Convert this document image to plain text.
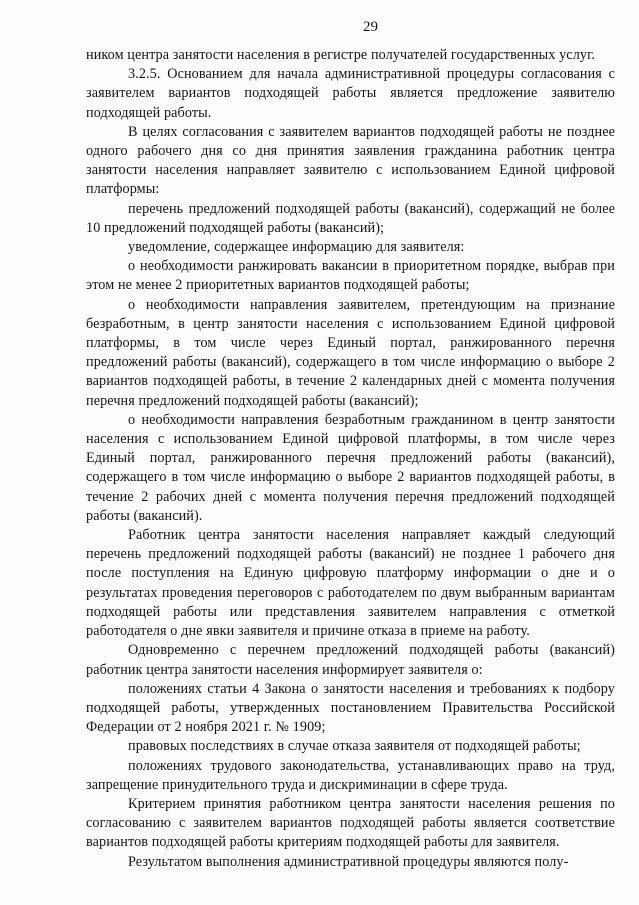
29

ником центра занятости населения в регистре получателей государственных услуг.

3.2.5. Основанием для начала административной процедуры согласования с заявителем вариантов подходящей работы является предложение заявителю подходящей работы.

В целях согласования с заявителем вариантов подходящей работы не позднее одного рабочего дня со дня принятия заявления гражданина работник центра занятости населения направляет заявителю с использованием Единой цифровой платформы:

перечень предложений подходящей работы (вакансий), содержащий не более 10 предложений подходящей работы (вакансий);

уведомление, содержащее информацию для заявителя:

о необходимости ранжировать вакансии в приоритетном порядке, выбрав при этом не менее 2 приоритетных вариантов подходящей работы;

о необходимости направления заявителем, претендующим на признание безработным, в центр занятости населения с использованием Единой цифровой платформы, в том числе через Единый портал, ранжированного перечня предложений работы (вакансий), содержащего в том числе информацию о выборе 2 вариантов подходящей работы, в течение 2 календарных дней с момента получения перечня предложений подходящей работы (вакансий);

о необходимости направления безработным гражданином в центр занятости населения с использованием Единой цифровой платформы, в том числе через Единый портал, ранжированного перечня предложений работы (вакансий), содержащего в том числе информацию о выборе 2 вариантов подходящей работы, в течение 2 рабочих дней с момента получения перечня предложений подходящей работы (вакансий).

Работник центра занятости населения направляет каждый следующий перечень предложений подходящей работы (вакансий) не позднее 1 рабочего дня после поступления на Единую цифровую платформу информации о дне и о результатах проведения переговоров с работодателем по двум выбранным вариантам подходящей работы или представления заявителем направления с отметкой работодателя о дне явки заявителя и причине отказа в приеме на работу.

Одновременно с перечнем предложений подходящей работы (вакансий) работник центра занятости населения информирует заявителя о:

положениях статьи 4 Закона о занятости населения и требованиях к подбору подходящей работы, утвержденных постановлением Правительства Российской Федерации от 2 ноября 2021 г. № 1909;

правовых последствиях в случае отказа заявителя от подходящей работы;

положениях трудового законодательства, устанавливающих право на труд, запрещение принудительного труда и дискриминации в сфере труда.

Критерием принятия работником центра занятости населения решения по согласованию с заявителем вариантов подходящей работы является соответствие вариантов подходящей работы критериям подходящей работы для заявителя.

Результатом выполнения административной процедуры являются полу-
